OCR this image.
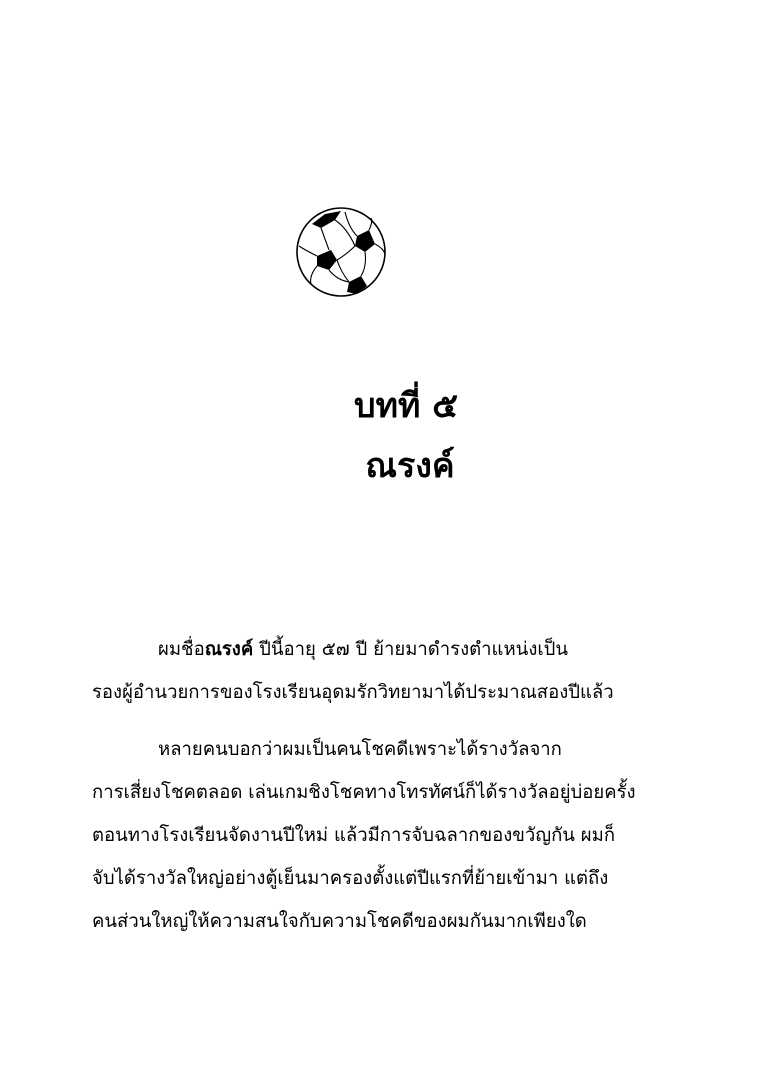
บทที่ ๕
ณรงค์

ผมชื่อณรงค์ ปีนี้อายุ ๕๗ ปี ย้ายมาดำรงตำแหน่งเป็น
รองผู้อำนวยการของโรงเรียนอุดมรักวิทยามาได้ประมาณสองปีแล้ว

หลายคนบอกว่าผมเป็นคนโชคดีเพราะได้รางวัลจาก
การเสี่ยงโชคตลอด เล่นเกมชิงโชคทางโทรทัศน์ก็ได้รางวัลอยู่บ่อยครั้ง
ตอนทางโรงเรียนจัดงานปีใหม่ แล้วมีการจับฉลากของขวัญกัน ผมก็
จับได้รางวัลใหญ่อย่างตู้เย็นมาครองตั้งแต่ปีแรกที่ย้ายเข้ามา แต่ถึง
คนส่วนใหญ่ให้ความสนใจกับความโชคดีของผมกันมากเพียงใด
